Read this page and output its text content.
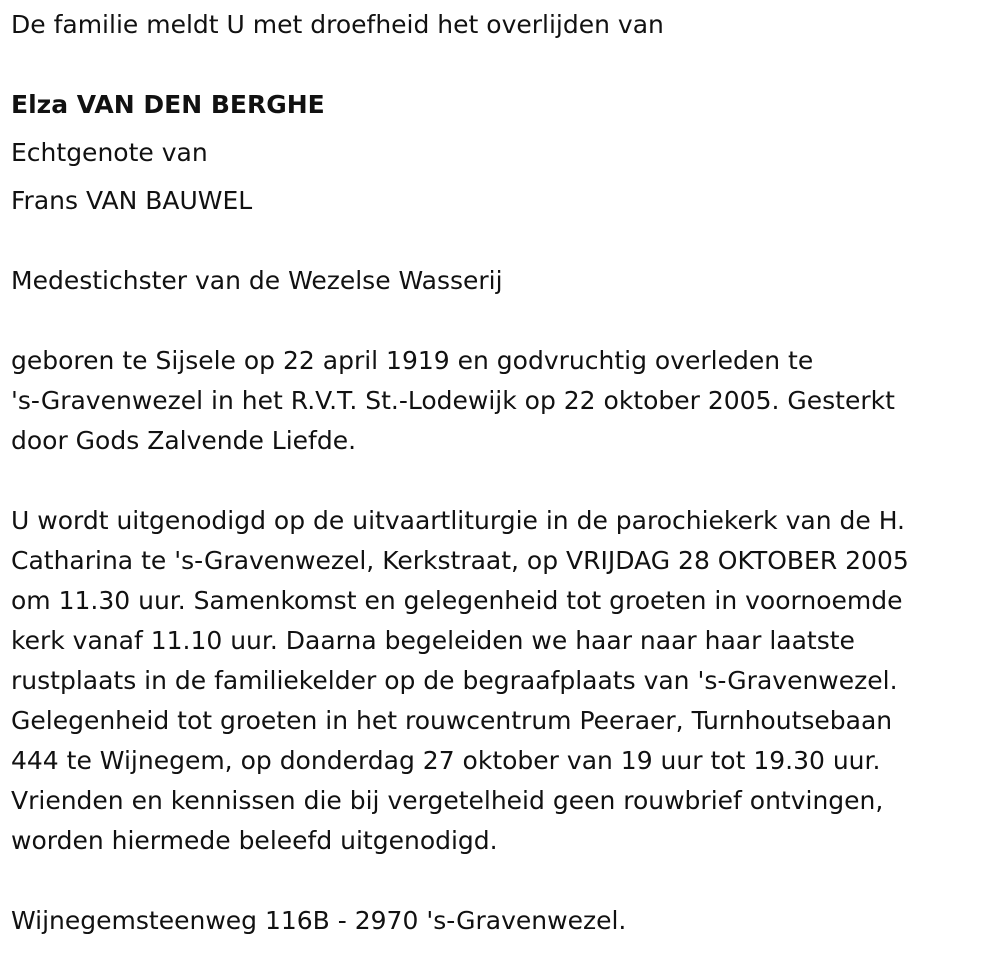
De familie meldt U met droefheid het overlijden van
Elza VAN DEN BERGHE
Echtgenote van
Frans VAN BAUWEL
Medestichster van de Wezelse Wasserij
geboren te Sijsele op 22 april 1919 en godvruchtig overleden te
's-Gravenwezel in het R.V.T. St.-Lodewijk op 22 oktober 2005. Gesterkt
door Gods Zalvende Liefde.
U wordt uitgenodigd op de uitvaartliturgie in de parochiekerk van de H.
Catharina te 's-Gravenwezel, Kerkstraat, op VRIJDAG 28 OKTOBER 2005
om 11.30 uur. Samenkomst en gelegenheid tot groeten in voornoemde
kerk vanaf 11.10 uur. Daarna begeleiden we haar naar haar laatste
rustplaats in de familiekelder op de begraafplaats van 's-Gravenwezel.
Gelegenheid tot groeten in het rouwcentrum Peeraer, Turnhoutsebaan
444 te Wijnegem, op donderdag 27 oktober van 19 uur tot 19.30 uur.
Vrienden en kennissen die bij vergetelheid geen rouwbrief ontvingen,
worden hiermede beleefd uitgenodigd.
Wijnegemsteenweg 116B - 2970 's-Gravenwezel.
